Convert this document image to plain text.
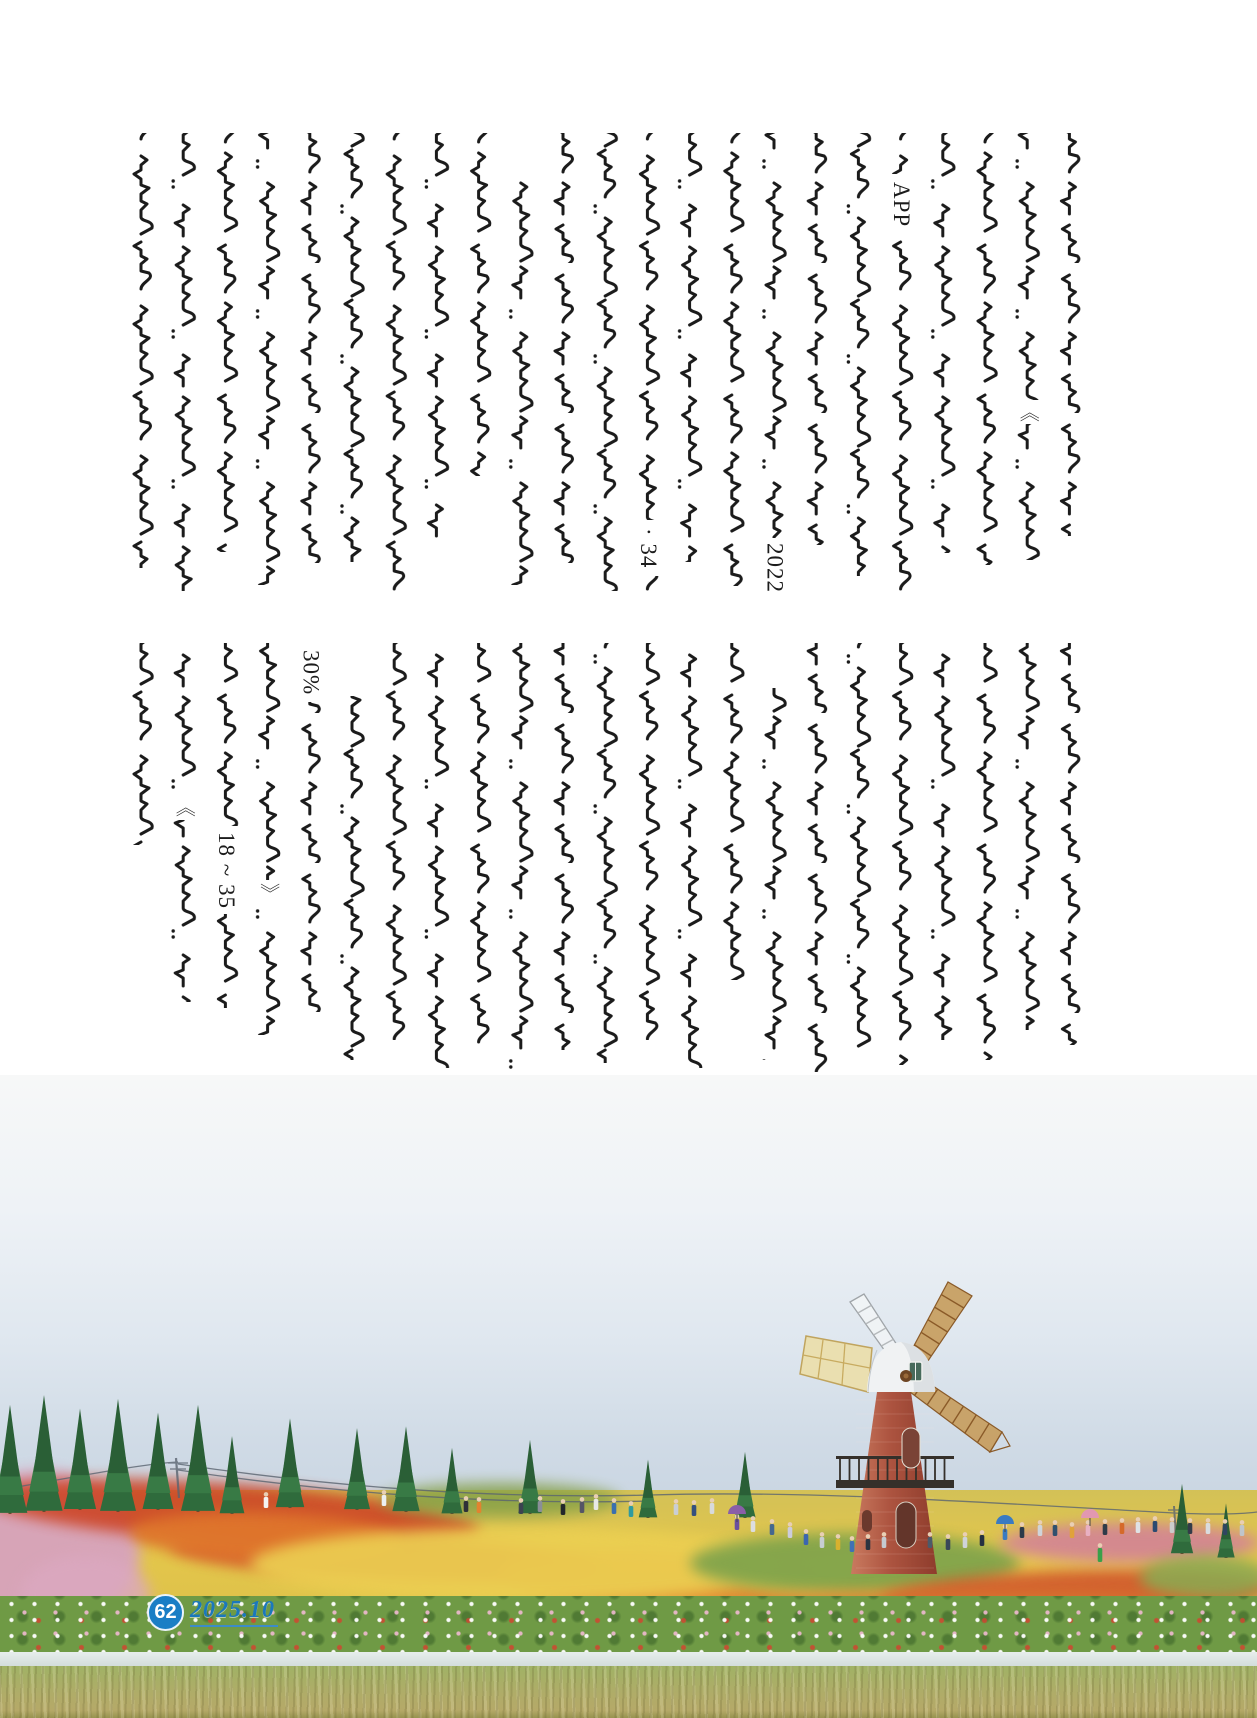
APP
2022
· 34
《
《
18 ~ 35 》
30%
62 2025.10
